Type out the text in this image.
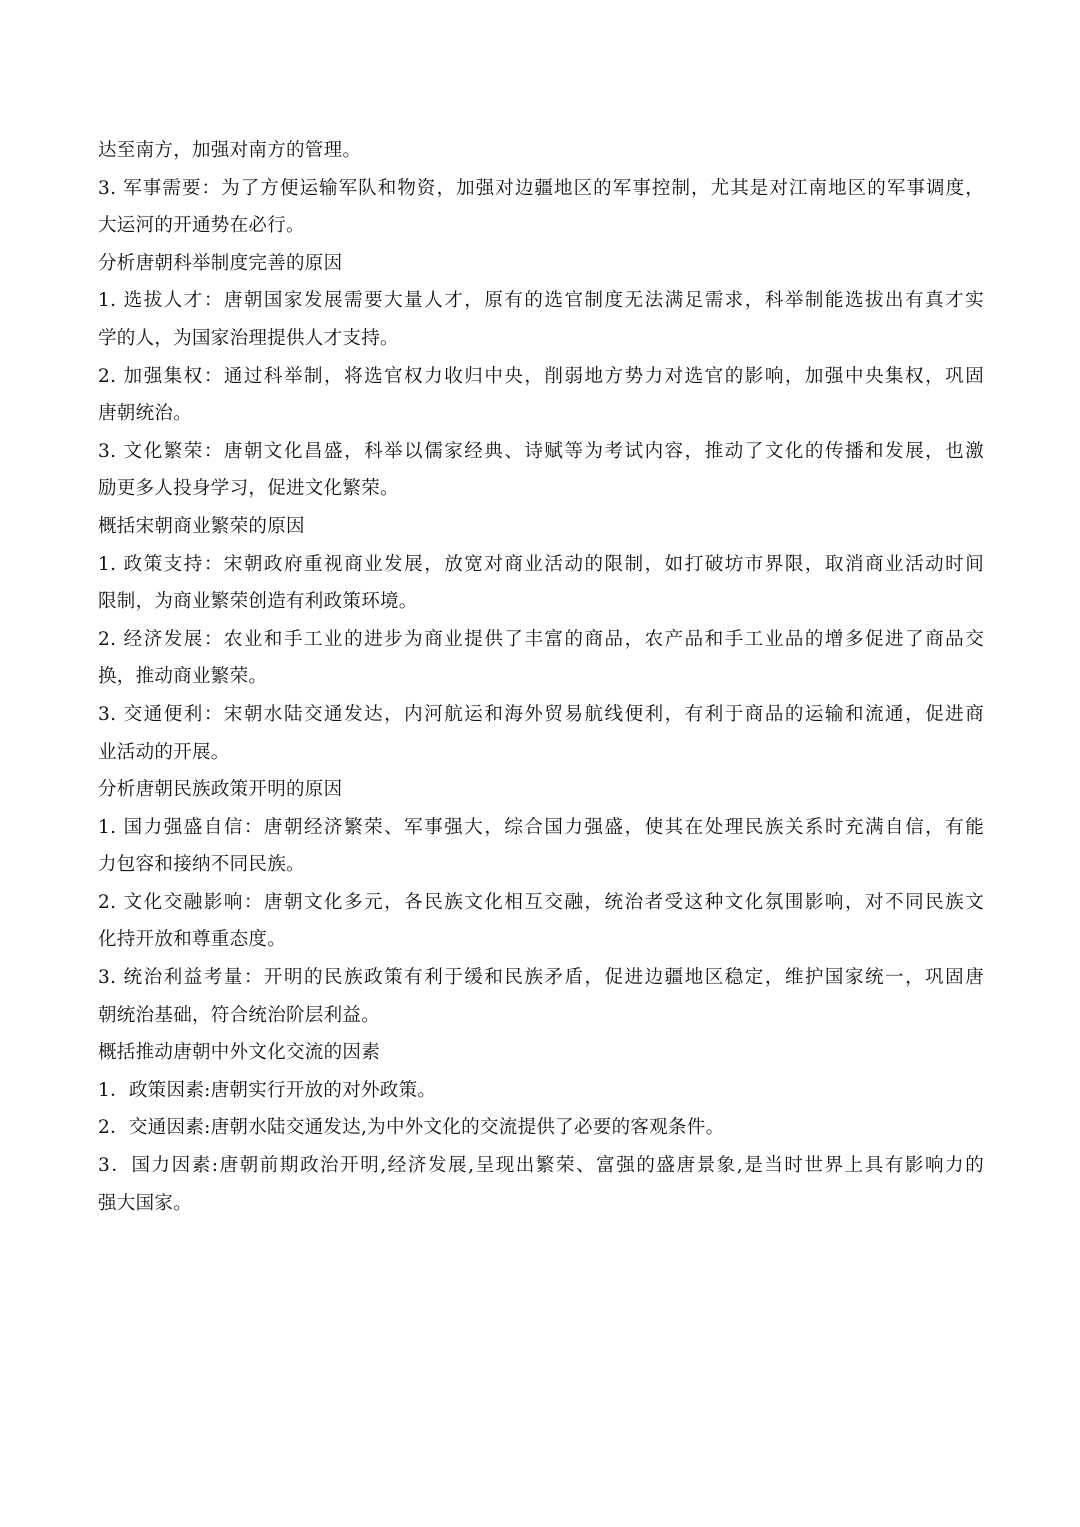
达至南方，加强对南方的管理。
3. 军事需要：为了方便运输军队和物资，加强对边疆地区的军事控制，尤其是对江南地区的军事调度，
大运河的开通势在必行。
分析唐朝科举制度完善的原因
1. 选拔人才：唐朝国家发展需要大量人才，原有的选官制度无法满足需求，科举制能选拔出有真才实
学的人，为国家治理提供人才支持。
2. 加强集权：通过科举制，将选官权力收归中央，削弱地方势力对选官的影响，加强中央集权，巩固
唐朝统治。
3. 文化繁荣：唐朝文化昌盛，科举以儒家经典、诗赋等为考试内容，推动了文化的传播和发展，也激
励更多人投身学习，促进文化繁荣。
概括宋朝商业繁荣的原因
1. 政策支持：宋朝政府重视商业发展，放宽对商业活动的限制，如打破坊市界限，取消商业活动时间
限制，为商业繁荣创造有利政策环境。
2. 经济发展：农业和手工业的进步为商业提供了丰富的商品，农产品和手工业品的增多促进了商品交
换，推动商业繁荣。
3. 交通便利：宋朝水陆交通发达，内河航运和海外贸易航线便利，有利于商品的运输和流通，促进商
业活动的开展。
分析唐朝民族政策开明的原因
1. 国力强盛自信：唐朝经济繁荣、军事强大，综合国力强盛，使其在处理民族关系时充满自信，有能
力包容和接纳不同民族。
2. 文化交融影响：唐朝文化多元，各民族文化相互交融，统治者受这种文化氛围影响，对不同民族文
化持开放和尊重态度。
3. 统治利益考量：开明的民族政策有利于缓和民族矛盾，促进边疆地区稳定，维护国家统一，巩固唐
朝统治基础，符合统治阶层利益。
概括推动唐朝中外文化交流的因素
1．政策因素:唐朝实行开放的对外政策。
2．交通因素:唐朝水陆交通发达,为中外文化的交流提供了必要的客观条件。
3．国力因素:唐朝前期政治开明,经济发展,呈现出繁荣、富强的盛唐景象,是当时世界上具有影响力的
强大国家。
